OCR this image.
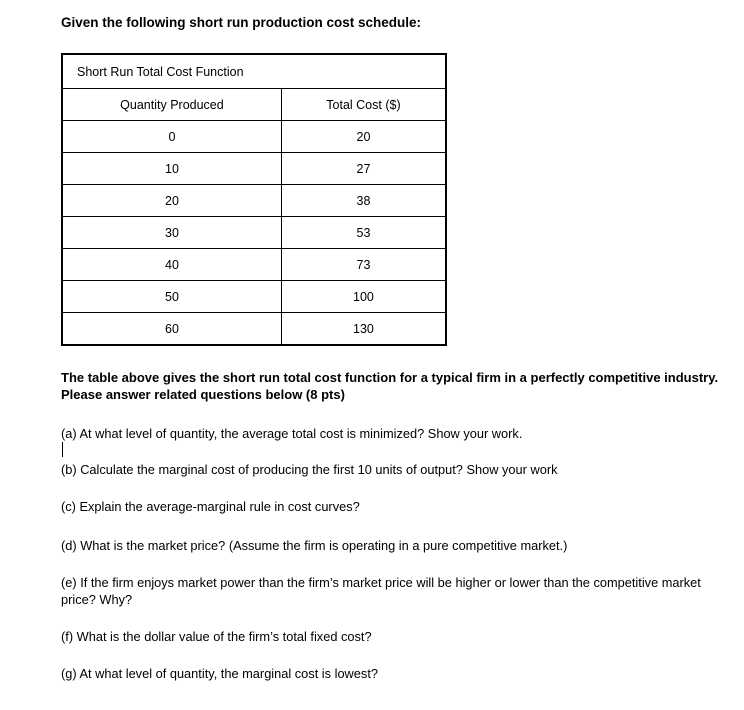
Given the following short run production cost schedule:
Short Run Total Cost Function	
Quantity Produced	Total Cost ($)
0	20
10	27
20	38
30	53
40	73
50	100
60	130
The table above gives the short run total cost function for a typical firm in a perfectly competitive industry. Please answer related questions below (8 pts)
(a) At what level of quantity, the average total cost is minimized? Show your work.
(b) Calculate the marginal cost of producing the first 10 units of output? Show your work
(c) Explain the average-marginal rule in cost curves?
(d) What is the market price? (Assume the firm is operating in a pure competitive market.)
(e) If the firm enjoys market power than the firm’s market price will be higher or lower than the competitive market price? Why?
(f) What is the dollar value of the firm’s total fixed cost?
(g) At what level of quantity, the marginal cost is lowest?
